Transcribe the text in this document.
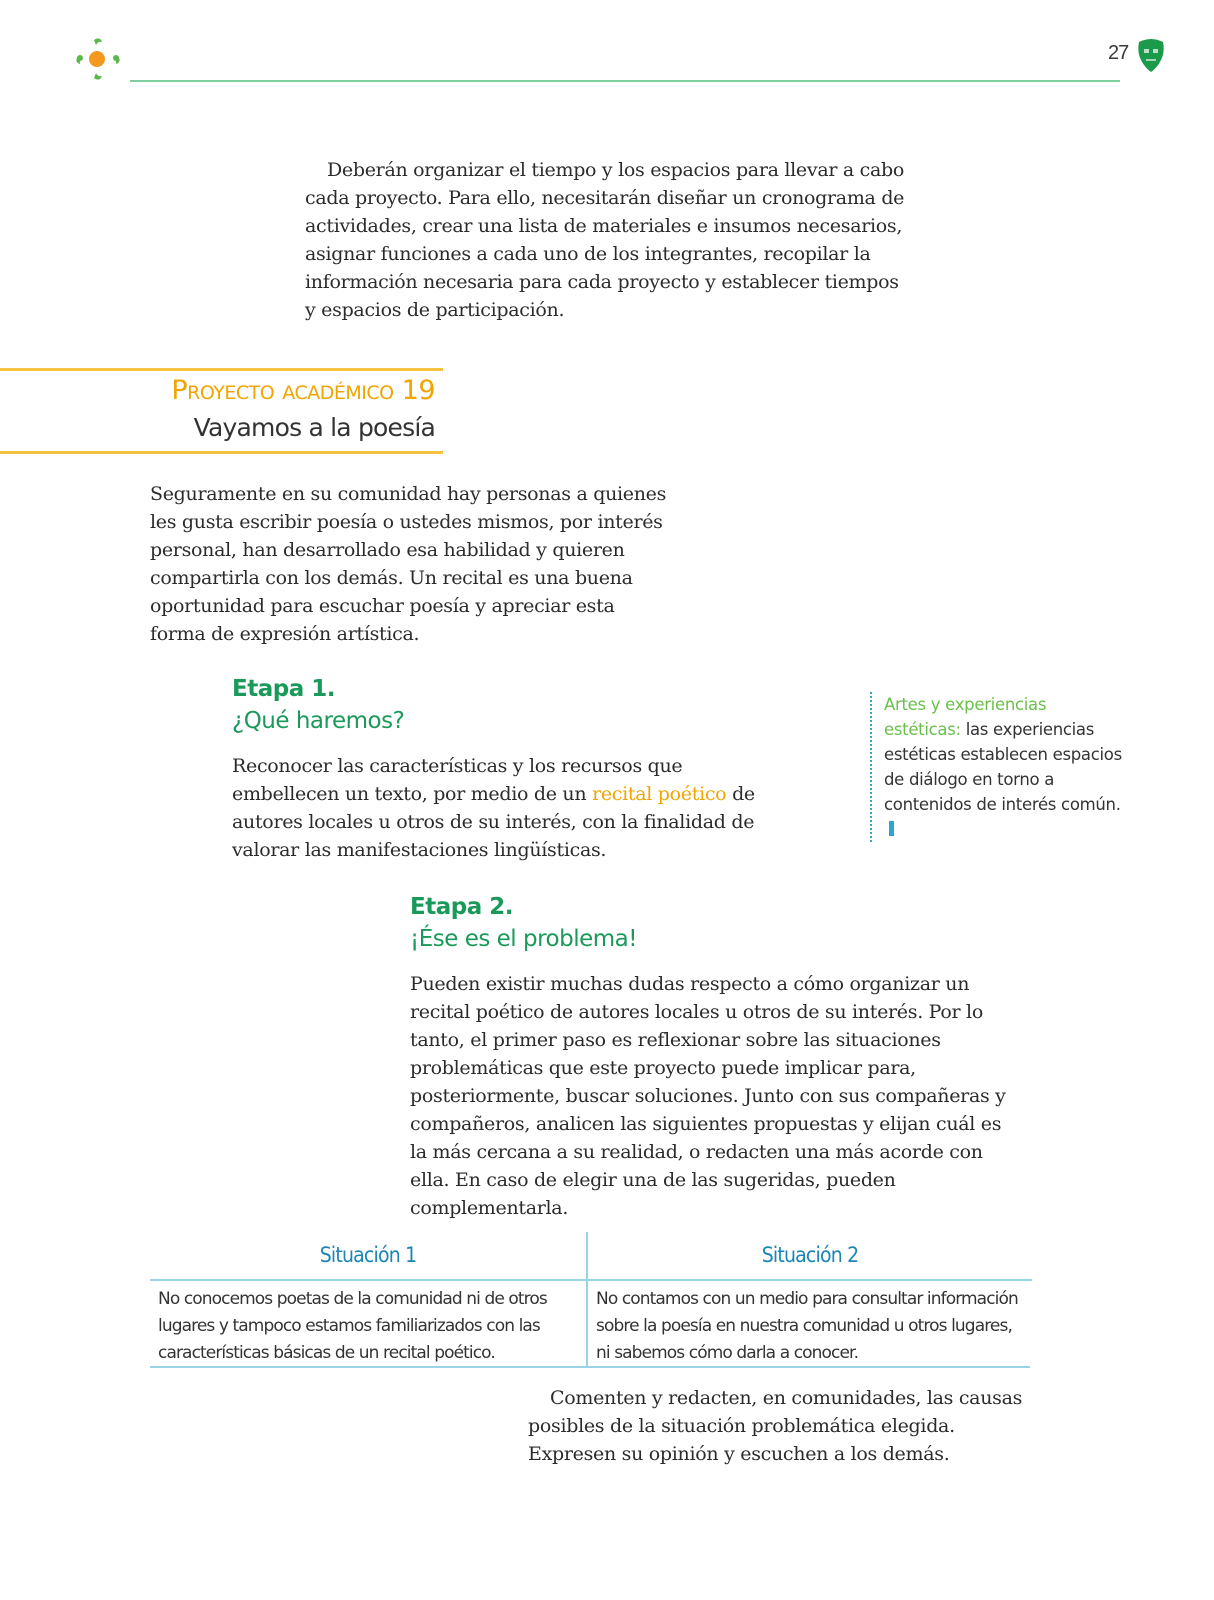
27
Deberán organizar el tiempo y los espacios para llevar a cabo cada proyecto. Para ello, necesitarán diseñar un cronograma de actividades, crear una lista de materiales e insumos necesarios, asignar funciones a cada uno de los integrantes, recopilar la información necesaria para cada proyecto y establecer tiempos y espacios de participación.
Proyecto académico 19
Vayamos a la poesía
Seguramente en su comunidad hay personas a quienes les gusta escribir poesía o ustedes mismos, por interés personal, han desarrollado esa habilidad y quieren compartirla con los demás. Un recital es una buena oportunidad para escuchar poesía y apreciar esta forma de expresión artística.
Etapa 1.
¿Qué haremos?
Reconocer las características y los recursos que embellecen un texto, por medio de un recital poético de autores locales u otros de su interés, con la finalidad de valorar las manifestaciones lingüísticas.
Artes y experiencias estéticas: las experiencias estéticas establecen espacios de diálogo en torno a contenidos de interés común.
Etapa 2.
¡Ése es el problema!
Pueden existir muchas dudas respecto a cómo organizar un recital poético de autores locales u otros de su interés. Por lo tanto, el primer paso es reflexionar sobre las situaciones problemáticas que este proyecto puede implicar para, posteriormente, buscar soluciones. Junto con sus compañeras y compañeros, analicen las siguientes propuestas y elijan cuál es la más cercana a su realidad, o redacten una más acorde con ella. En caso de elegir una de las sugeridas, pueden complementarla.
Situación 1
No conocemos poetas de la comunidad ni de otros lugares y tampoco estamos familiarizados con las características básicas de un recital poético.
Situación 2
No contamos con un medio para consultar información sobre la poesía en nuestra comunidad u otros lugares, ni sabemos cómo darla a conocer.
Comenten y redacten, en comunidades, las causas posibles de la situación problemática elegida. Expresen su opinión y escuchen a los demás.
